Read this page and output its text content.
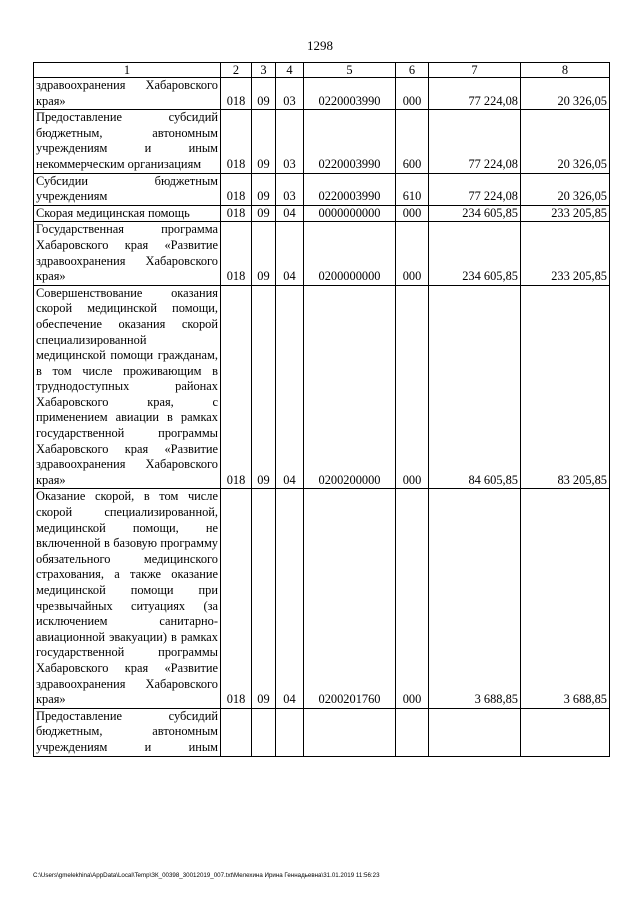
1298
1	2	3	4	5	6	7	8
здравоохранения Хабаровского края»	018	09	03	0220003990	000	77 224,08	20 326,05
Предоставление субсидий бюджетным, автономным учреждениям и иным некоммерческим организациям	018	09	03	0220003990	600	77 224,08	20 326,05
Субсидии бюджетным учреждениям	018	09	03	0220003990	610	77 224,08	20 326,05
Скорая медицинская помощь	018	09	04	0000000000	000	234 605,85	233 205,85
Государственная программа Хабаровского края «Развитие здравоохранения Хабаровского края»	018	09	04	0200000000	000	234 605,85	233 205,85
Совершенствование оказания скорой медицинской помощи, обеспечение оказания скорой специализированной медицинской помощи гражданам, в том числе проживающим в труднодоступных районах Хабаровского края, с применением авиации в рамках государственной программы Хабаровского края «Развитие здравоохранения Хабаровского края»	018	09	04	0200200000	000	84 605,85	83 205,85
Оказание скорой, в том числе скорой специализированной, медицинской помощи, не включенной в базовую программу обязательного медицинского страхования, а также оказание медицинской помощи при чрезвычайных ситуациях (за исключением санитарно-авиационной эвакуации) в рамках государственной программы Хабаровского края «Развитие здравоохранения Хабаровского края»	018	09	04	0200201760	000	3 688,85	3 688,85
Предоставление субсидий бюджетным, автономным учреждениям и иным							
C:\Users\gmelekhina\AppData\Local\Temp\ЗК_00398_30012019_007.txt\Мелехина Ирина Геннадьевна\31.01.2019 11:56:23
